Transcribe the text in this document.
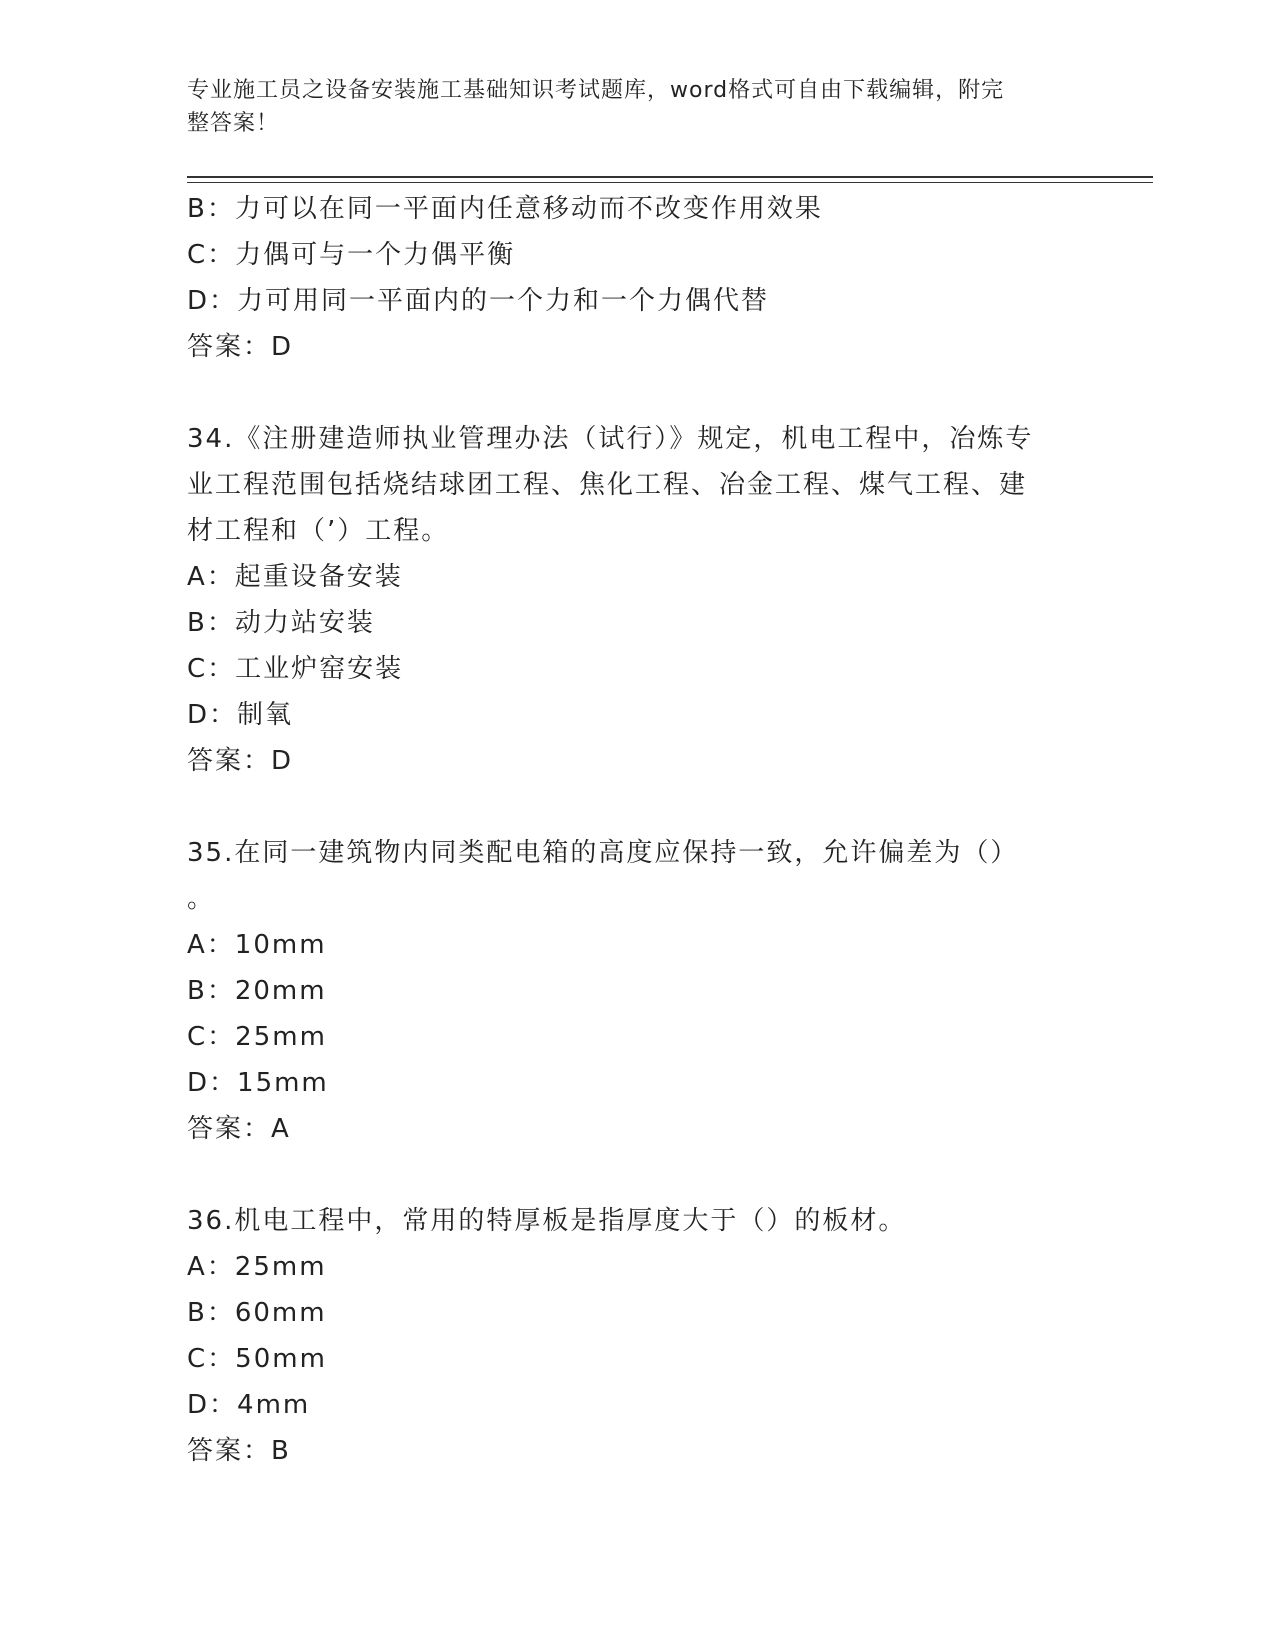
专业施工员之设备安装施工基础知识考试题库，word格式可自由下载编辑，附完
整答案！
B：力可以在同一平面内任意移动而不改变作用效果
C：力偶可与一个力偶平衡
D：力可用同一平面内的一个力和一个力偶代替
答案：D
34.《注册建造师执业管理办法（试行）》规定，机电工程中，冶炼专
业工程范围包括烧结球团工程、焦化工程、冶金工程、煤气工程、建
材工程和（’）工程。
A：起重设备安装
B：动力站安装
C：工业炉窑安装
D：制氧
答案：D
35.在同一建筑物内同类配电箱的高度应保持一致，允许偏差为（）
。
A：10mm
B：20mm
C：25mm
D：15mm
答案：A
36.机电工程中，常用的特厚板是指厚度大于（）的板材。
A：25mm
B：60mm
C：50mm
D：4mm
答案：B
